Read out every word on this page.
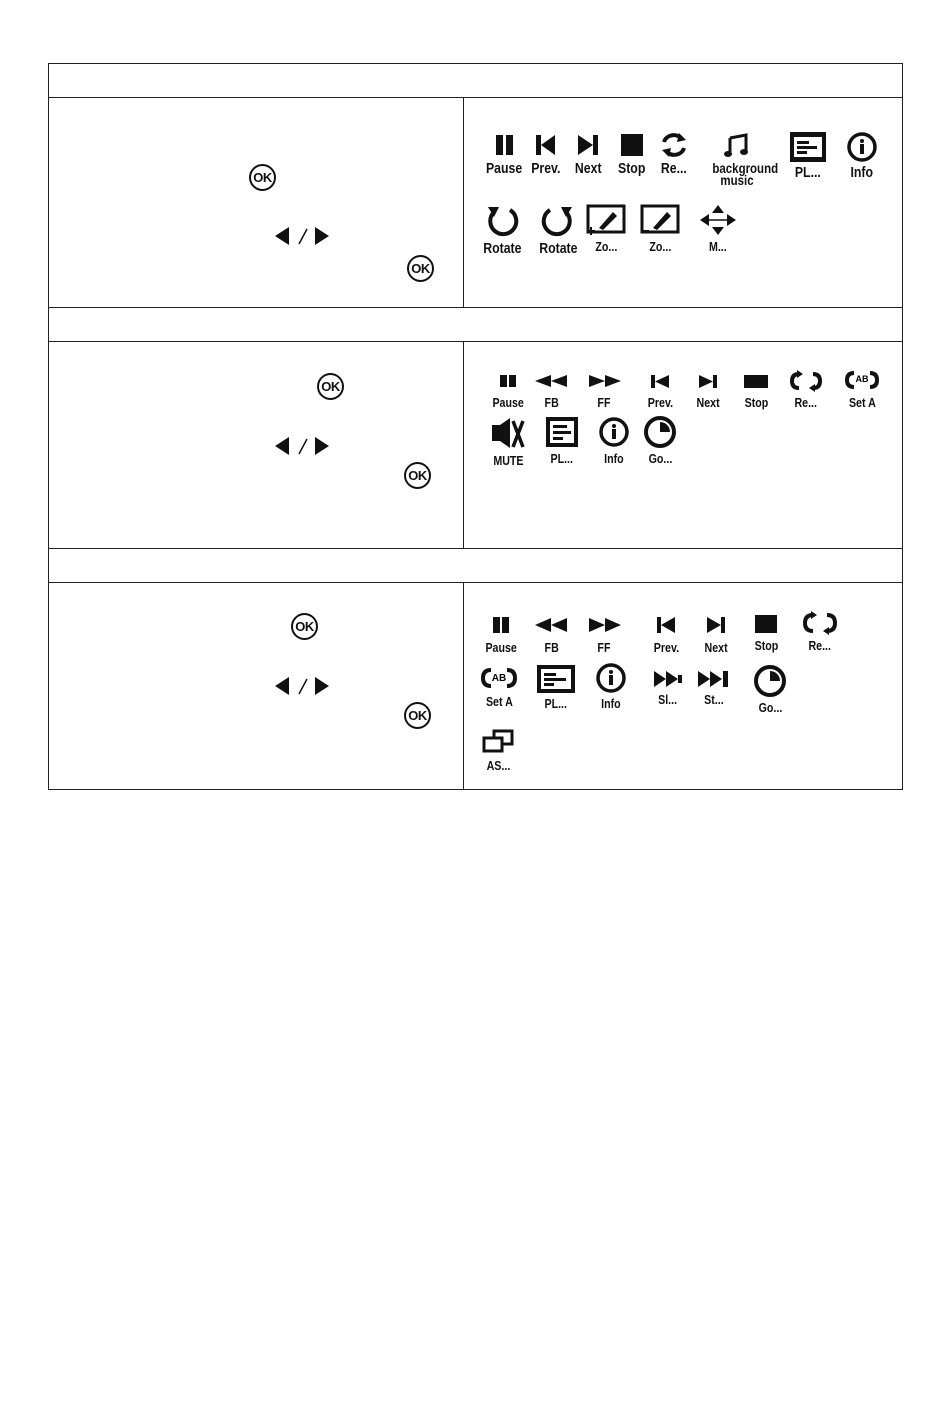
OK
OK
Pause Prev. Next Stop Re... background music	PL... Info
Rotate Rotate Zo... Zo...	M...
OK
OK
Pause FB	FF	Prev. Next Stop Re...
AB
Set A
MUTE PL... Info Go...
OK
OK
Pause FB	FF	Prev. Next Stop Re...
AB
Set A PL...	Info	Sl... St...
Go...
AS...
